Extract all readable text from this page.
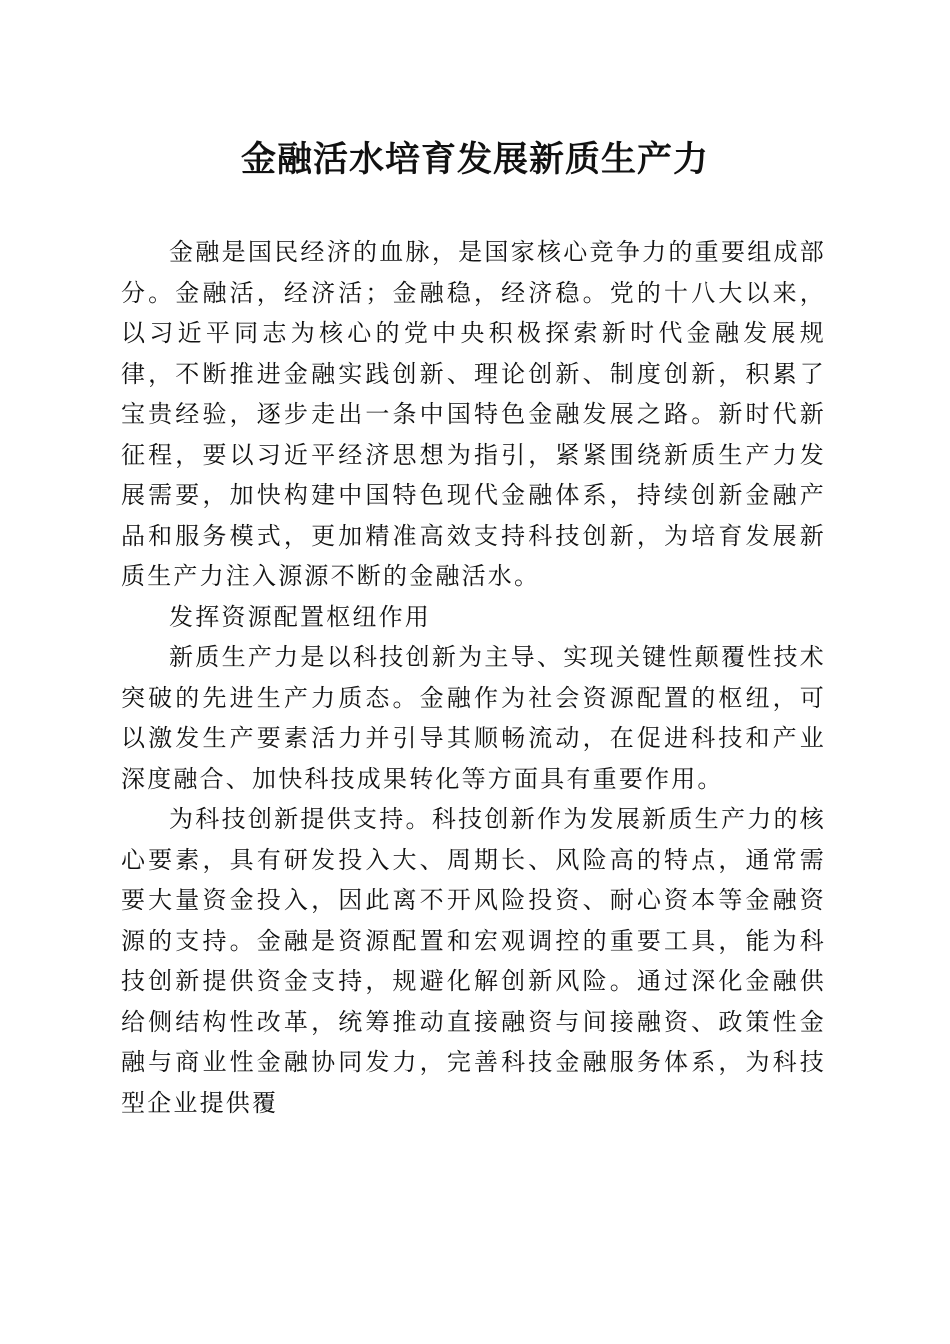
金融活水培育发展新质生产力

金融是国民经济的血脉，是国家核心竞争力的重要组成部分。金融活，经济活；金融稳，经济稳。党的十八大以来，以习近平同志为核心的党中央积极探索新时代金融发展规律，不断推进金融实践创新、理论创新、制度创新，积累了宝贵经验，逐步走出一条中国特色金融发展之路。新时代新征程，要以习近平经济思想为指引，紧紧围绕新质生产力发展需要，加快构建中国特色现代金融体系，持续创新金融产品和服务模式，更加精准高效支持科技创新，为培育发展新质生产力注入源源不断的金融活水。

发挥资源配置枢纽作用

新质生产力是以科技创新为主导、实现关键性颠覆性技术突破的先进生产力质态。金融作为社会资源配置的枢纽，可以激发生产要素活力并引导其顺畅流动，在促进科技和产业深度融合、加快科技成果转化等方面具有重要作用。

为科技创新提供支持。科技创新作为发展新质生产力的核心要素，具有研发投入大、周期长、风险高的特点，通常需要大量资金投入，因此离不开风险投资、耐心资本等金融资源的支持。金融是资源配置和宏观调控的重要工具，能为科技创新提供资金支持，规避化解创新风险。通过深化金融供给侧结构性改革，统筹推动直接融资与间接融资、政策性金融与商业性金融协同发力，完善科技金融服务体系，为科技型企业提供覆
